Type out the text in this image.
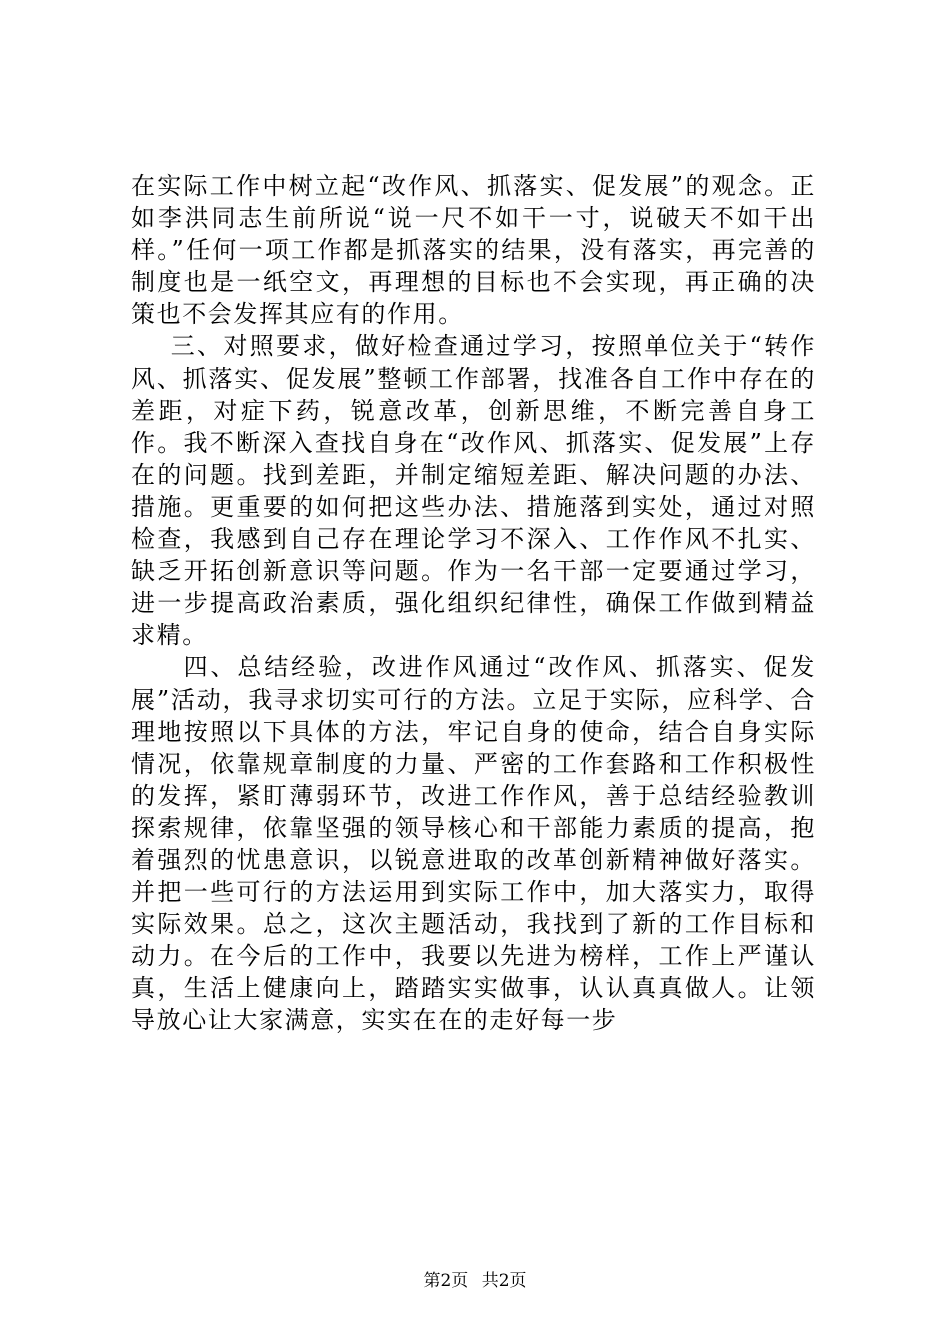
在实际工作中树立起“改作风、抓落实、促发展”的观念。正如李洪同志生前所说“说一尺不如干一寸，说破天不如干出样。”任何一项工作都是抓落实的结果，没有落实，再完善的制度也是一纸空文，再理想的目标也不会实现，再正确的决策也不会发挥其应有的作用。

三、对照要求，做好检查通过学习，按照单位关于“转作风、抓落实、促发展”整顿工作部署，找准各自工作中存在的差距，对症下药，锐意改革，创新思维，不断完善自身工作。我不断深入查找自身在“改作风、抓落实、促发展”上存在的问题。找到差距，并制定缩短差距、解决问题的办法、措施。更重要的如何把这些办法、措施落到实处，通过对照检查，我感到自己存在理论学习不深入、工作作风不扎实、缺乏开拓创新意识等问题。作为一名干部一定要通过学习，进一步提高政治素质，强化组织纪律性，确保工作做到精益求精。

四、总结经验，改进作风通过“改作风、抓落实、促发展”活动，我寻求切实可行的方法。立足于实际，应科学、合理地按照以下具体的方法，牢记自身的使命，结合自身实际情况，依靠规章制度的力量、严密的工作套路和工作积极性的发挥，紧盯薄弱环节，改进工作作风，善于总结经验教训探索规律，依靠坚强的领导核心和干部能力素质的提高，抱着强烈的忧患意识，以锐意进取的改革创新精神做好落实。并把一些可行的方法运用到实际工作中，加大落实力，取得实际效果。总之，这次主题活动，我找到了新的工作目标和动力。在今后的工作中，我要以先进为榜样，工作上严谨认真，生活上健康向上，踏踏实实做事，认认真真做人。让领导放心让大家满意，实实在在的走好每一步

第2页 共2页
